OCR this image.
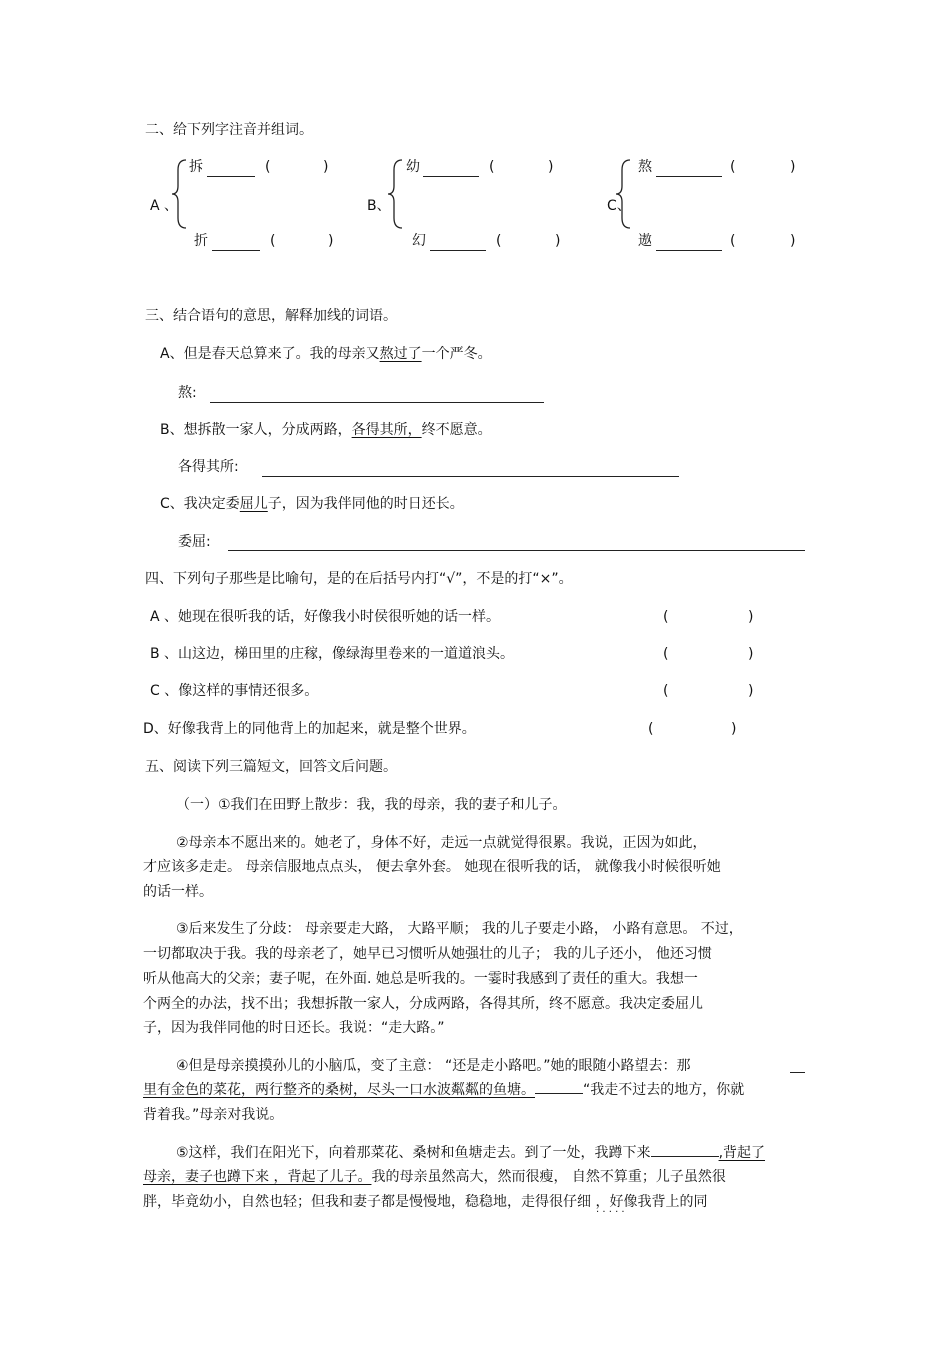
二、给下列字注音并组词。
A 、
拆	(	)
折	(	)
B、
幼	(	)
幻	(	)
C、
熬	(	)
遨	(	)
三、结合语句的意思，解释加线的词语。
A、但是春天总算来了。我的母亲又熬过了一个严冬。
熬:
B、想拆散一家人，分成两路，各得其所，终不愿意。
各得其所:
C、我决定委屈儿子，因为我伴同他的时日还长。
委屈:
四、下列句子那些是比喻句，是的在后括号内打“√”，不是的打“×”。
A 、她现在很听我的话，好像我小时侯很听她的话一样。	(	)
B 、山这边，梯田里的庄稼，像绿海里卷来的一道道浪头。	(	)
C 、像这样的事情还很多。	(	)
D、好像我背上的同他背上的加起来，就是整个世界。	(	)
五、阅读下列三篇短文，回答文后问题。
（一）①我们在田野上散步：我，我的母亲，我的妻子和儿子。
②母亲本不愿出来的。她老了，身体不好，走远一点就觉得很累。我说，正因为如此，
才应该多走走。 母亲信服地点点头， 便去拿外套。 她现在很听我的话， 就像我小时候很听她
的话一样。
③后来发生了分歧： 母亲要走大路， 大路平顺； 我的儿子要走小路， 小路有意思。 不过，
一切都取决于我。我的母亲老了，她早已习惯听从她强壮的儿子； 我的儿子还小， 他还习惯
听从他高大的父亲；妻子呢，在外面. 她总是听我的。一霎时我感到了责任的重大。我想一
个两全的办法，找不出；我想拆散一家人，分成两路，各得其所，终不愿意。我决定委屈儿
子，因为我伴同他的时日还长。我说：“走大路。”
④但是母亲摸摸孙儿的小脑瓜，变了主意： “还是走小路吧。”她的眼随小路望去：那
里有金色的菜花，两行整齐的桑树，尽头一口水波粼粼的鱼塘。	“我走不过去的地方，你就
背着我。”母亲对我说。
⑤这样，我们在阳光下，向着那菜花、桑树和鱼塘走去。到了一处，我蹲下来	,背起了
母亲，妻子也蹲下来 ，背起了儿子。我的母亲虽然高大，然而很瘦， 自然不算重；儿子虽然很
胖，毕竟幼小，自然也轻；但我和妻子都是慢慢地，稳稳地，走得很仔细 ，好像我背上的同
· · · · ·
